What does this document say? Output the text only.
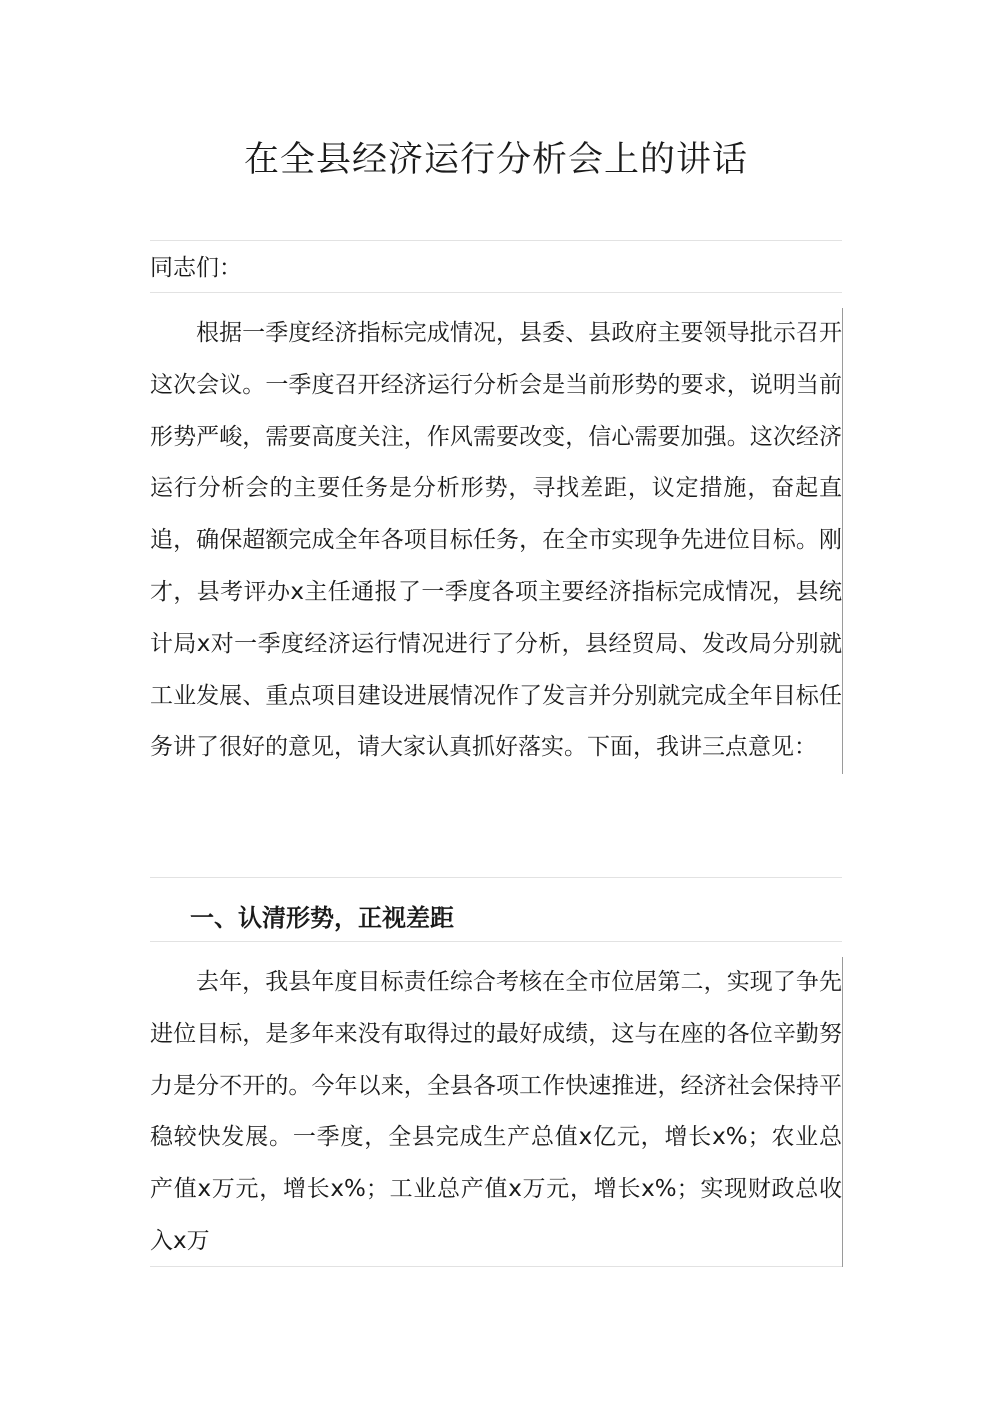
在全县经济运行分析会上的讲话
同志们：

根据一季度经济指标完成情况，县委、县政府主要领导批示召开这次会议。一季度召开经济运行分析会是当前形势的要求，说明当前形势严峻，需要高度关注，作风需要改变，信心需要加强。这次经济运行分析会的主要任务是分析形势，寻找差距，议定措施，奋起直追，确保超额完成全年各项目标任务，在全市实现争先进位目标。刚才，县考评办x主任通报了一季度各项主要经济指标完成情况，县统计局x对一季度经济运行情况进行了分析，县经贸局、发改局分别就工业发展、重点项目建设进展情况作了发言并分别就完成全年目标任务讲了很好的意见，请大家认真抓好落实。下面，我讲三点意见：

一、认清形势，正视差距

去年，我县年度目标责任综合考核在全市位居第二，实现了争先进位目标，是多年来没有取得过的最好成绩，这与在座的各位辛勤努力是分不开的。今年以来，全县各项工作快速推进，经济社会保持平稳较快发展。一季度，全县完成生产总值x亿元，增长x%；农业总产值x万元，增长x%；工业总产值x万元，增长x%；实现财政总收入x万
